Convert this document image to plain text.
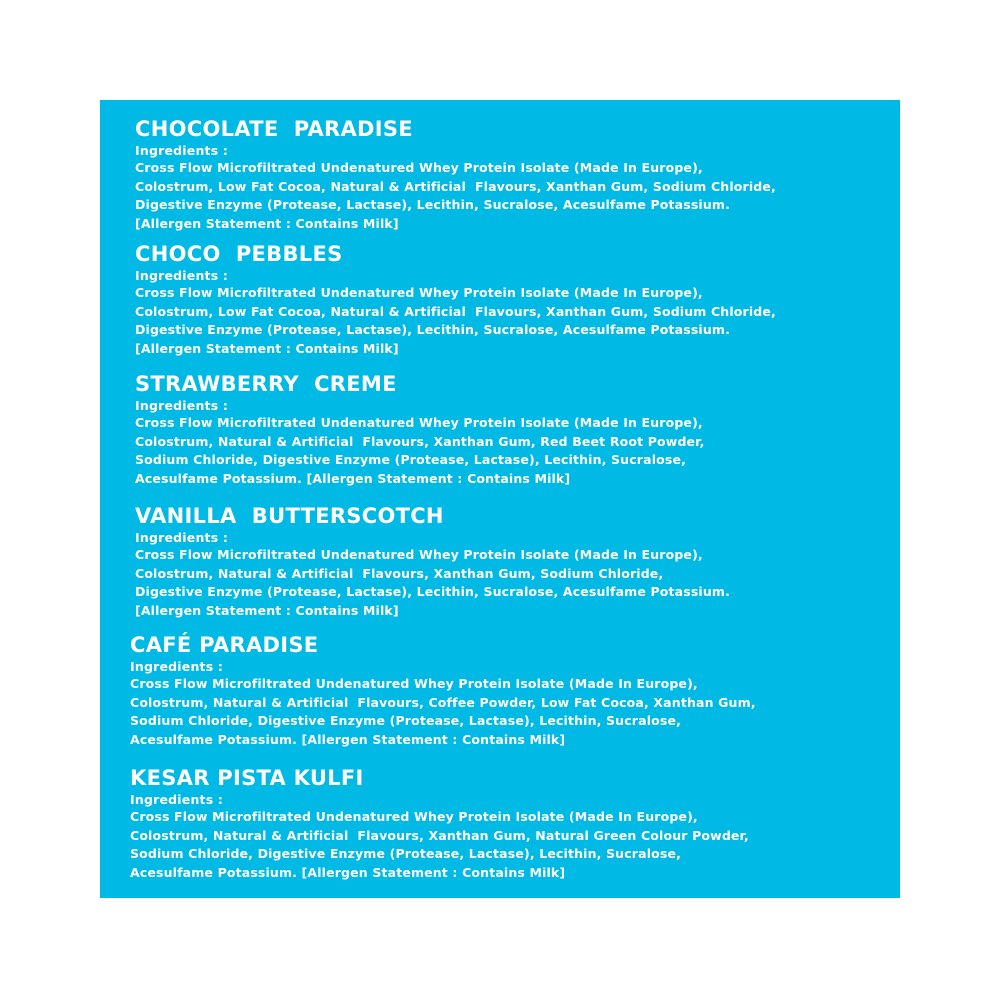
CHOCOLATE  PARADISE

Ingredients :

Cross Flow Microfiltrated Undenatured Whey Protein Isolate (Made In Europe),

Colostrum, Low Fat Cocoa, Natural & Artificial  Flavours, Xanthan Gum, Sodium Chloride,

Digestive Enzyme (Protease, Lactase), Lecithin, Sucralose, Acesulfame Potassium.

[Allergen Statement : Contains Milk]

CHOCO  PEBBLES

Ingredients :

Cross Flow Microfiltrated Undenatured Whey Protein Isolate (Made In Europe),

Colostrum, Low Fat Cocoa, Natural & Artificial  Flavours, Xanthan Gum, Sodium Chloride,

Digestive Enzyme (Protease, Lactase), Lecithin, Sucralose, Acesulfame Potassium.

[Allergen Statement : Contains Milk]

STRAWBERRY  CREME

Ingredients :

Cross Flow Microfiltrated Undenatured Whey Protein Isolate (Made In Europe),

Colostrum, Natural & Artificial  Flavours, Xanthan Gum, Red Beet Root Powder,

Sodium Chloride, Digestive Enzyme (Protease, Lactase), Lecithin, Sucralose,

Acesulfame Potassium. [Allergen Statement : Contains Milk]

VANILLA  BUTTERSCOTCH

Ingredients :

Cross Flow Microfiltrated Undenatured Whey Protein Isolate (Made In Europe),

Colostrum, Natural & Artificial  Flavours, Xanthan Gum, Sodium Chloride,

Digestive Enzyme (Protease, Lactase), Lecithin, Sucralose, Acesulfame Potassium.

[Allergen Statement : Contains Milk]

CAFÉ PARADISE

Ingredients :

Cross Flow Microfiltrated Undenatured Whey Protein Isolate (Made In Europe),

Colostrum, Natural & Artificial  Flavours, Coffee Powder, Low Fat Cocoa, Xanthan Gum,

Sodium Chloride, Digestive Enzyme (Protease, Lactase), Lecithin, Sucralose,

Acesulfame Potassium. [Allergen Statement : Contains Milk]

KESAR PISTA KULFI

Ingredients :

Cross Flow Microfiltrated Undenatured Whey Protein Isolate (Made In Europe),

Colostrum, Natural & Artificial  Flavours, Xanthan Gum, Natural Green Colour Powder,

Sodium Chloride, Digestive Enzyme (Protease, Lactase), Lecithin, Sucralose,

Acesulfame Potassium. [Allergen Statement : Contains Milk]
